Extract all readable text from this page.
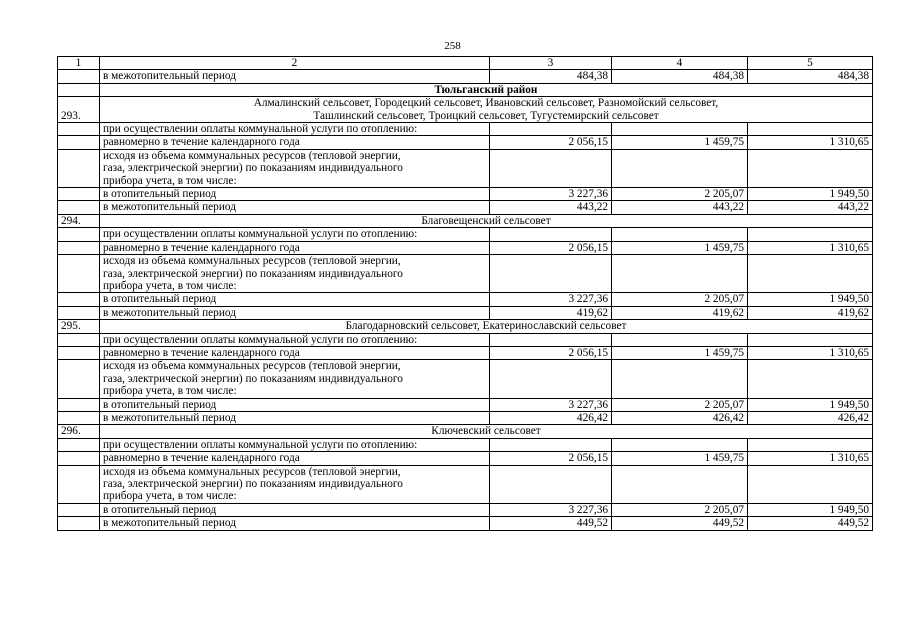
258
1	2	3	4	5
	в межотопительный период	484,38	484,38	484,38
	Тюльганский район			
293.	Алмалинский сельсовет, Городецкий сельсовет, Ивановский сельсовет, Разномойский сельсовет,
Ташлинский сельсовет, Троицкий сельсовет, Тугустемирский сельсовет			

	при осуществлении оплаты коммунальной услуги по отоплению:			
	равномерно в течение календарного года	2 056,15	1 459,75	1 310,65

	исходя из объема коммунальных ресурсов (тепловой энергии,
газа, электрической энергии) по показаниям индивидуального
прибора учета, в том числе:			

	в отопительный период	3 227,36	2 205,07	1 949,50
	в межотопительный период	443,22	443,22	443,22
294.	Благовещенский сельсовет			

	при осуществлении оплаты коммунальной услуги по отоплению:			
	равномерно в течение календарного года	2 056,15	1 459,75	1 310,65

	исходя из объема коммунальных ресурсов (тепловой энергии,
газа, электрической энергии) по показаниям индивидуального
прибора учета, в том числе:			

	в отопительный период	3 227,36	2 205,07	1 949,50
	в межотопительный период	419,62	419,62	419,62
295.	Благодарновский сельсовет, Екатеринославский сельсовет			

	при осуществлении оплаты коммунальной услуги по отоплению:			
	равномерно в течение календарного года	2 056,15	1 459,75	1 310,65

	исходя из объема коммунальных ресурсов (тепловой энергии,
газа, электрической энергии) по показаниям индивидуального
прибора учета, в том числе:			

	в отопительный период	3 227,36	2 205,07	1 949,50
	в межотопительный период	426,42	426,42	426,42
296.	Ключевский сельсовет			

	при осуществлении оплаты коммунальной услуги по отоплению:			
	равномерно в течение календарного года	2 056,15	1 459,75	1 310,65

	исходя из объема коммунальных ресурсов (тепловой энергии,
газа, электрической энергии) по показаниям индивидуального
прибора учета, в том числе:			

	в отопительный период	3 227,36	2 205,07	1 949,50
	в межотопительный период	449,52	449,52	449,52
